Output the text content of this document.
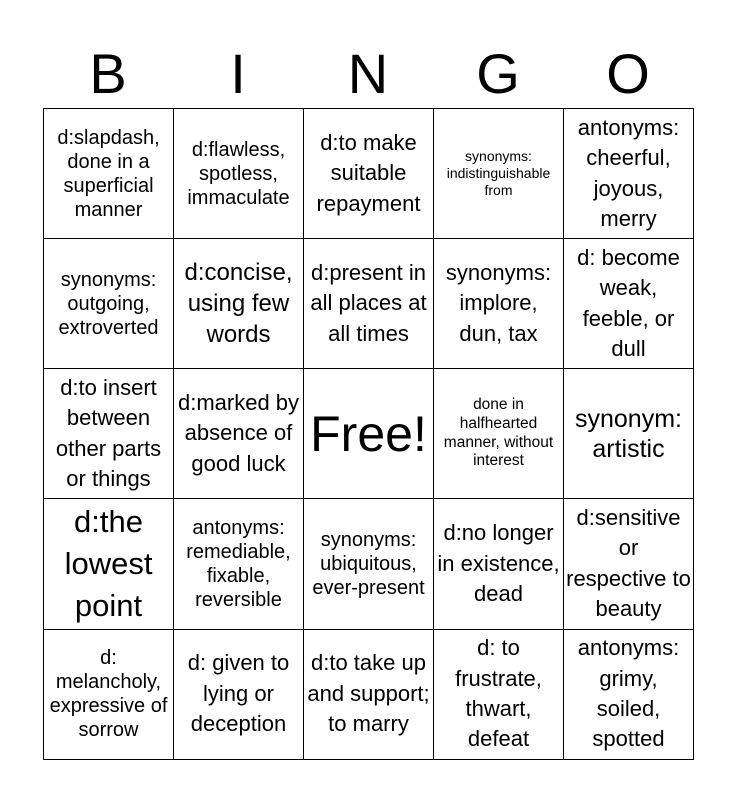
B	I	N	G	O
d:slapdash, done in a superficial manner	d:flawless, spotless, immaculate	d:to make suitable repayment	synonyms: indistinguishable from	antonyms: cheerful, joyous, merry
synonyms: outgoing, extroverted	d:concise, using few words	d:present in all places at all times	synonyms: implore, dun, tax	d: become weak, feeble, or dull
d:to insert between other parts or things	d:marked by absence of good luck	Free!	done in halfhearted manner, without interest	synonym: artistic
d:the lowest point	antonyms: remediable, fixable, reversible	synonyms: ubiquitous, ever-present	d:no longer in existence, dead	d:sensitive or respective to beauty
d: melancholy, expressive of sorrow	d: given to lying or deception	d:to take up and support; to marry	d: to frustrate, thwart, defeat	antonyms: grimy, soiled, spotted
